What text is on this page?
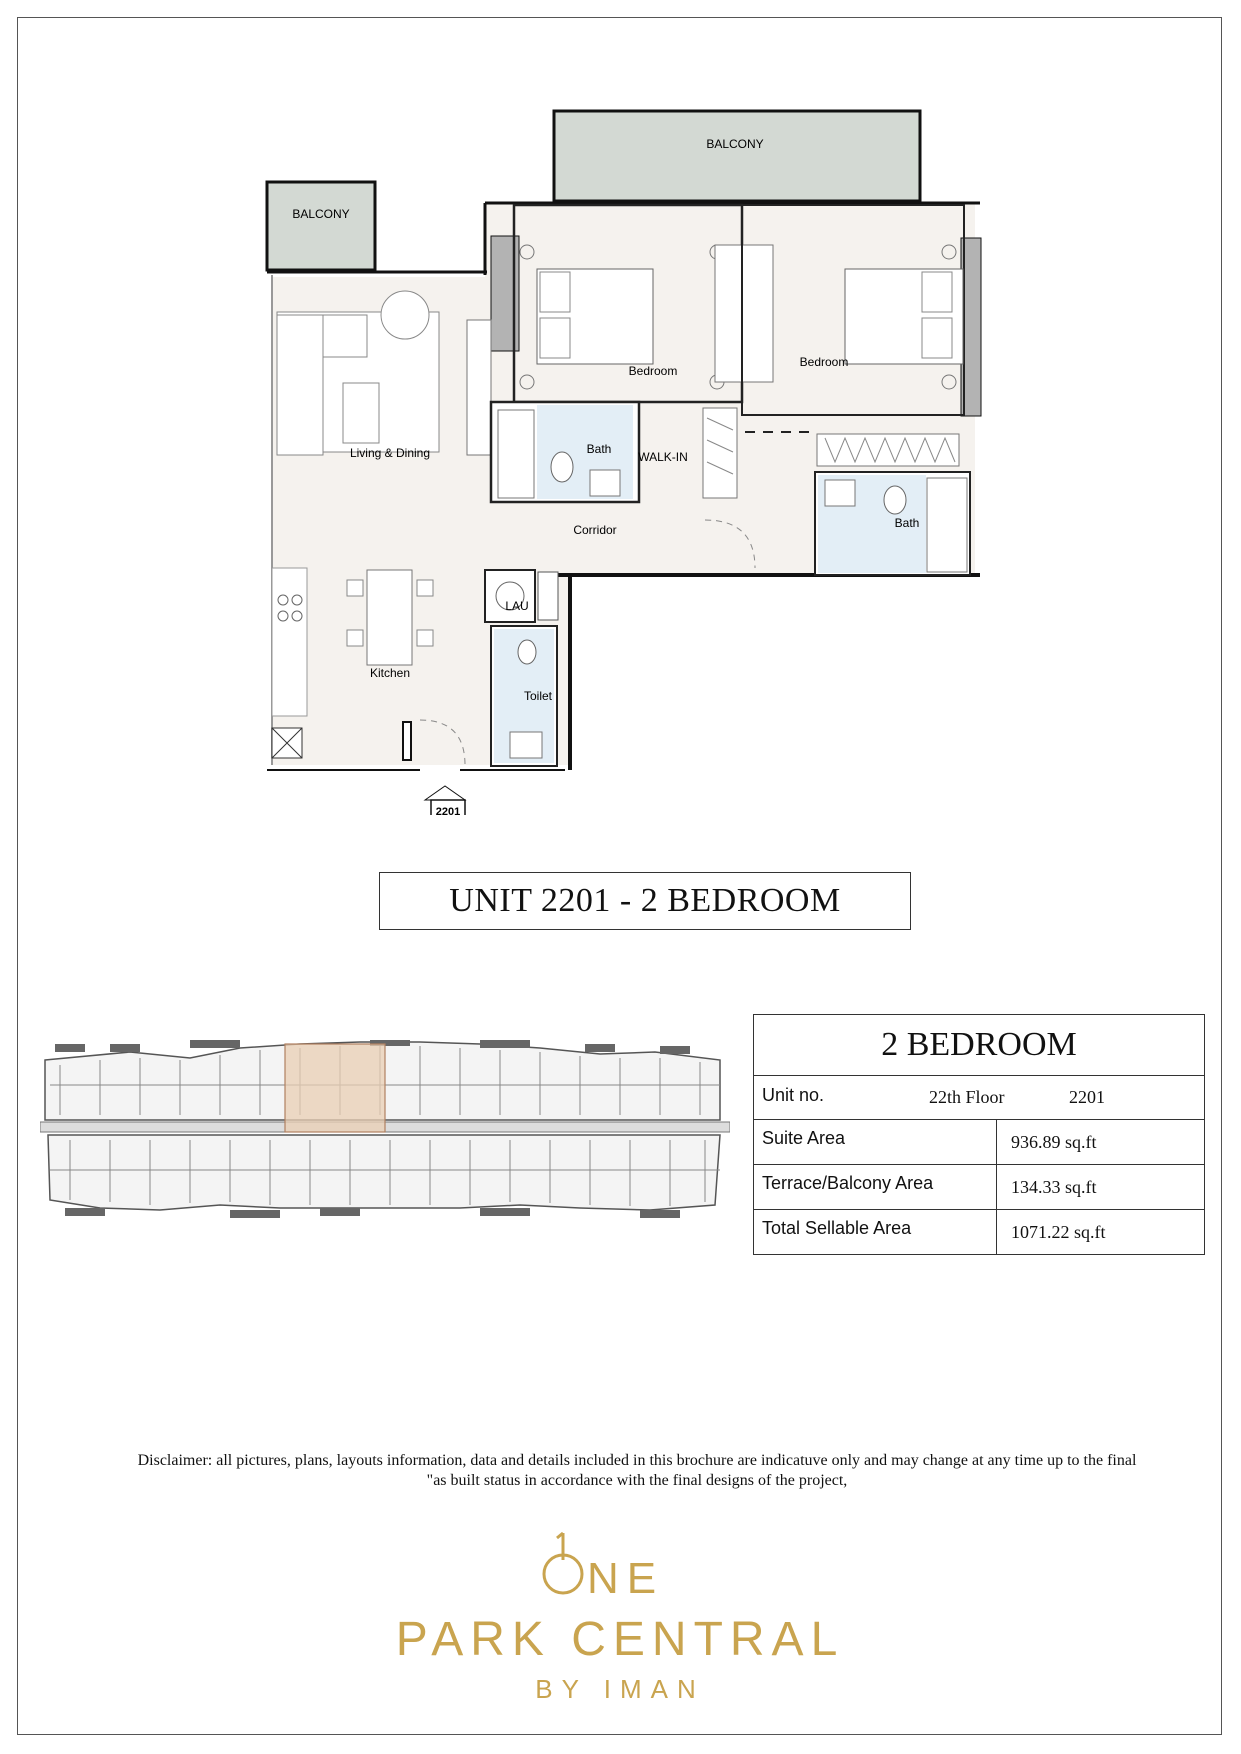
BALCONY
BALCONY
Bedroom
Bedroom
Living & Dining	Bath
WALK-IN
Corridor	Bath
LAU
Toilet
Kitchen
2201
UNIT 2201 - 2 BEDROOM
2 BEDROOM
Unit no.	22th Floor	2201
Suite Area	936.89 sq.ft
Terrace/Balcony Area	134.33 sq.ft
Total Sellable Area	1071.22 sq.ft
Disclaimer: all pictures, plans, layouts information, data and details included in this brochure are indicatuve only and may change at any time up to the final
"as built status in accordance with the final designs of the project,
NE
PARK CENTRAL
BY IMAN
